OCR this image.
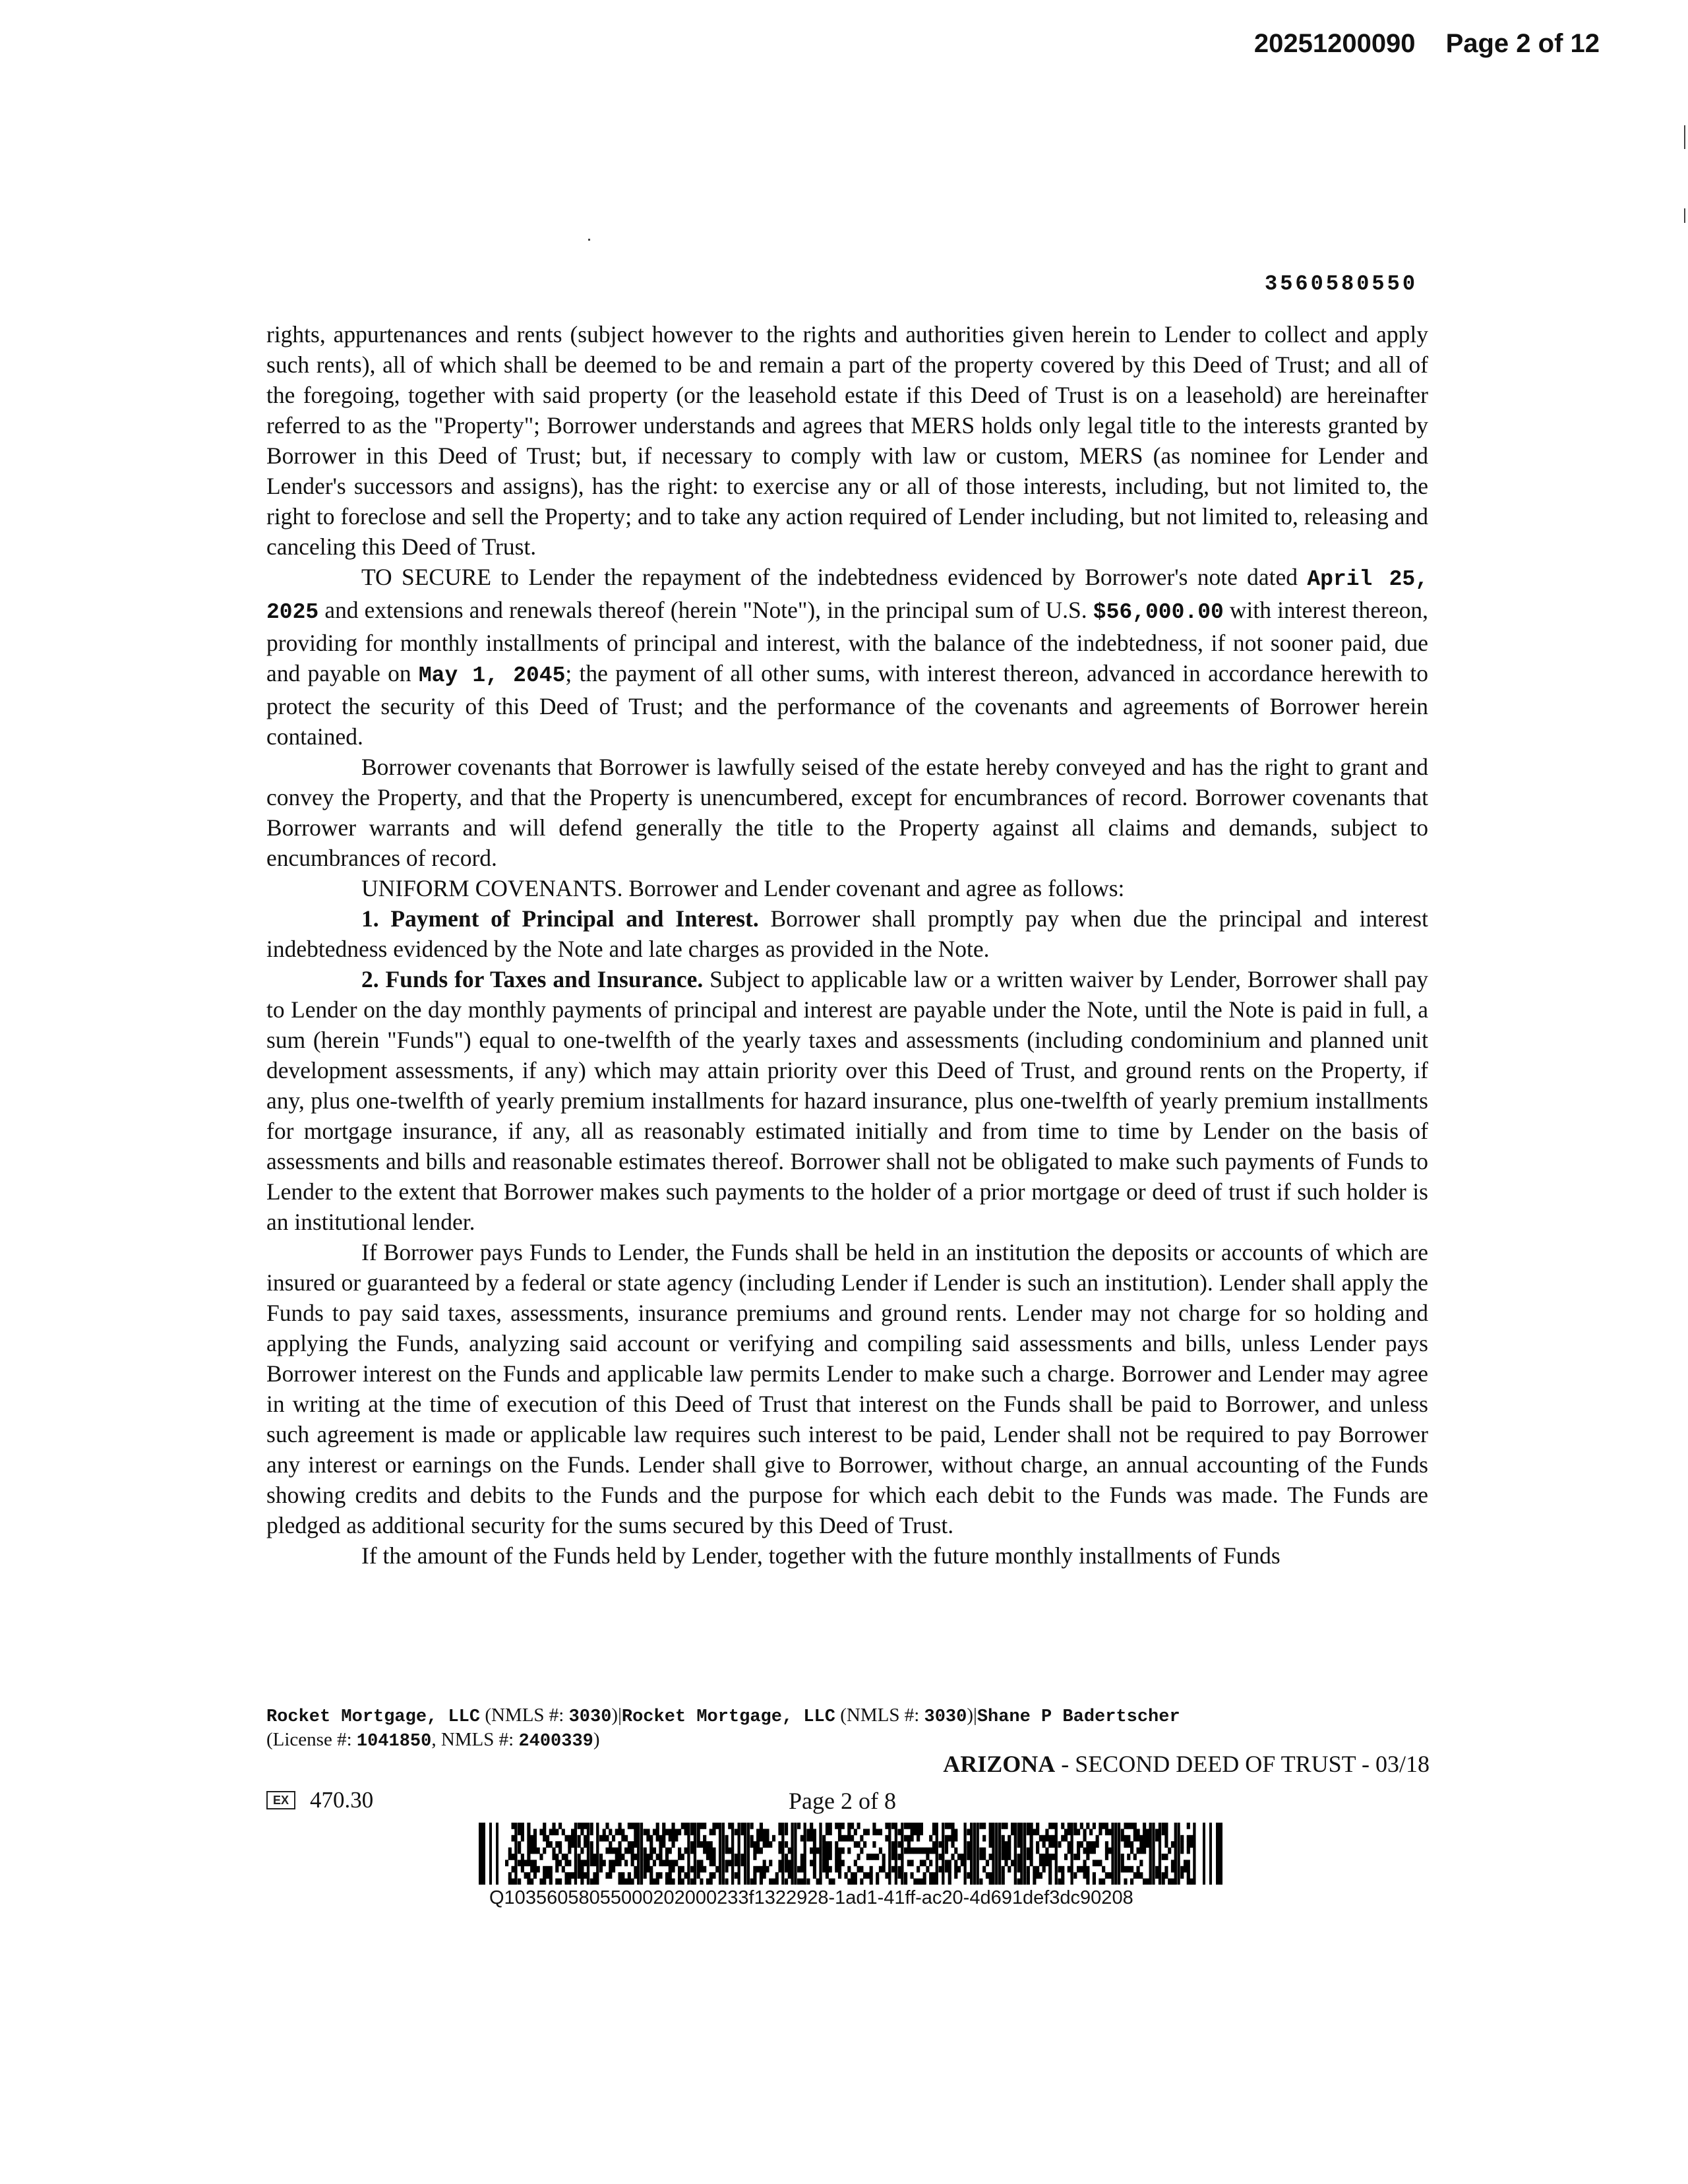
20251200090 Page 2 of 12
3560580550

rights, appurtenances and rents (subject however to the rights and authorities given herein to Lender to collect and apply such rents), all of which shall be deemed to be and remain a part of the property covered by this Deed of Trust; and all of the foregoing, together with said property (or the leasehold estate if this Deed of Trust is on a leasehold) are hereinafter referred to as the "Property"; Borrower understands and agrees that MERS holds only legal title to the interests granted by Borrower in this Deed of Trust; but, if necessary to comply with law or custom, MERS (as nominee for Lender and Lender's successors and assigns), has the right: to exercise any or all of those interests, including, but not limited to, the right to foreclose and sell the Property; and to take any action required of Lender including, but not limited to, releasing and canceling this Deed of Trust.

TO SECURE to Lender the repayment of the indebtedness evidenced by Borrower's note dated April 25, 2025 and extensions and renewals thereof (herein "Note"), in the principal sum of U.S. $56,000.00 with interest thereon, providing for monthly installments of principal and interest, with the balance of the indebtedness, if not sooner paid, due and payable on May 1, 2045; the payment of all other sums, with interest thereon, advanced in accordance herewith to protect the security of this Deed of Trust; and the performance of the covenants and agreements of Borrower herein contained.

Borrower covenants that Borrower is lawfully seised of the estate hereby conveyed and has the right to grant and convey the Property, and that the Property is unencumbered, except for encumbrances of record. Borrower covenants that Borrower warrants and will defend generally the title to the Property against all claims and demands, subject to encumbrances of record.

UNIFORM COVENANTS. Borrower and Lender covenant and agree as follows:

1. Payment of Principal and Interest. Borrower shall promptly pay when due the principal and interest indebtedness evidenced by the Note and late charges as provided in the Note.

2. Funds for Taxes and Insurance. Subject to applicable law or a written waiver by Lender, Borrower shall pay to Lender on the day monthly payments of principal and interest are payable under the Note, until the Note is paid in full, a sum (herein "Funds") equal to one-twelfth of the yearly taxes and assessments (including condominium and planned unit development assessments, if any) which may attain priority over this Deed of Trust, and ground rents on the Property, if any, plus one-twelfth of yearly premium installments for hazard insurance, plus one-twelfth of yearly premium installments for mortgage insurance, if any, all as reasonably estimated initially and from time to time by Lender on the basis of assessments and bills and reasonable estimates thereof. Borrower shall not be obligated to make such payments of Funds to Lender to the extent that Borrower makes such payments to the holder of a prior mortgage or deed of trust if such holder is an institutional lender.

If Borrower pays Funds to Lender, the Funds shall be held in an institution the deposits or accounts of which are insured or guaranteed by a federal or state agency (including Lender if Lender is such an institution). Lender shall apply the Funds to pay said taxes, assessments, insurance premiums and ground rents. Lender may not charge for so holding and applying the Funds, analyzing said account or verifying and compiling said assessments and bills, unless Lender pays Borrower interest on the Funds and applicable law permits Lender to make such a charge. Borrower and Lender may agree in writing at the time of execution of this Deed of Trust that interest on the Funds shall be paid to Borrower, and unless such agreement is made or applicable law requires such interest to be paid, Lender shall not be required to pay Borrower any interest or earnings on the Funds. Lender shall give to Borrower, without charge, an annual accounting of the Funds showing credits and debits to the Funds and the purpose for which each debit to the Funds was made. The Funds are pledged as additional security for the sums secured by this Deed of Trust.

If the amount of the Funds held by Lender, together with the future monthly installments of Funds

Rocket Mortgage, LLC (NMLS #: 3030)|Rocket Mortgage, LLC (NMLS #: 3030)|Shane P Badertscher
(License #: 1041850, NMLS #: 2400339)
ARIZONA - SECOND DEED OF TRUST - 03/18
EX 470.30	Page 2 of 8
Q10356058055000202000233f1322928-1ad1-41ff-ac20-4d691def3dc90208
